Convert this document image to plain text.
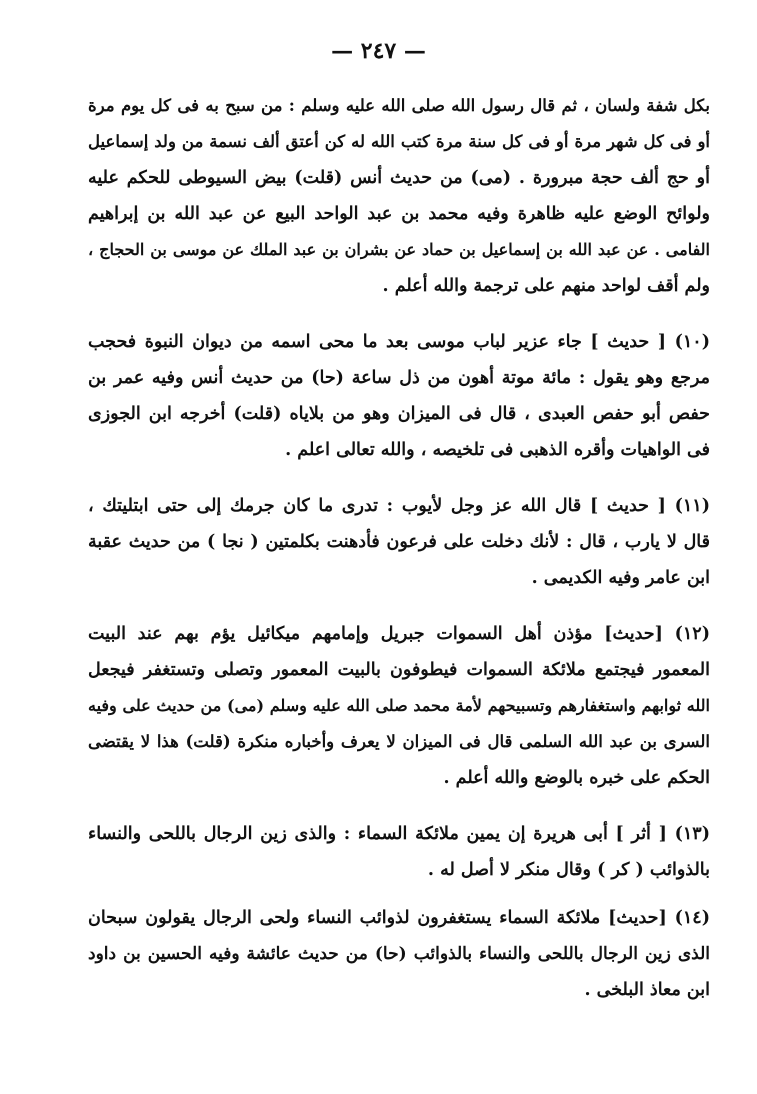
— ٢٤٧ —
بكل شفة ولسان ، ثم قال رسول الله صلى الله عليه وسلم : من سبح به فى كل يوم مرة
أو فى كل شهر مرة أو فى كل سنة مرة كتب الله له كن أعتق ألف نسمة من ولد إسماعيل
أو حج ألف حجة مبرورة . (مى) من حديث أنس (قلت) بيض السيوطى للحكم عليه
ولوائح الوضع عليه ظاهرة وفيه محمد بن عبد الواحد البيع عن عبد الله بن إبراهيم
الفامى . عن عبد الله بن إسماعيل بن حماد عن بشران بن عبد الملك عن موسى بن الحجاج ،
ولم أقف لواحد منهم على ترجمة والله أعلم .
(١٠) [ حديث ] جاء عزير لباب موسى بعد ما محى اسمه من ديوان النبوة فحجب
مرجع وهو يقول : مائة موتة أهون من ذل ساعة (حا) من حديث أنس وفيه عمر بن
حفص أبو حفص العبدى ، قال فى الميزان وهو من بلاياه (قلت) أخرجه ابن الجوزى
فى الواهيات وأقره الذهبى فى تلخيصه ، والله تعالى اعلم .
(١١) [ حديث ] قال الله عز وجل لأيوب : تدرى ما كان جرمك إلى حتى ابتليتك ،
قال لا يارب ، قال : لأنك دخلت على فرعون فأدهنت بكلمتين ( نجا ) من حديث عقبة
ابن عامر وفيه الكديمى .
(١٢) [حديث] مؤذن أهل السموات جبريل وإمامهم ميكائيل يؤم بهم عند البيت
المعمور فيجتمع ملائكة السموات فيطوفون بالبيت المعمور وتصلى وتستغفر فيجعل
الله ثوابهم واستغفارهم وتسبيحهم لأمة محمد صلى الله عليه وسلم (مى) من حديث على وفيه
السرى بن عبد الله السلمى قال فى الميزان لا يعرف وأخباره منكرة (قلت) هذا لا يقتضى
الحكم على خبره بالوضع والله أعلم .
(١٣) [ أثر ] أبى هريرة إن يمين ملائكة السماء : والذى زين الرجال باللحى والنساء
بالذوائب ( كر ) وقال منكر لا أصل له .
(١٤) [حديث] ملائكة السماء يستغفرون لذوائب النساء ولحى الرجال يقولون سبحان
الذى زين الرجال باللحى والنساء بالذوائب (حا) من حديث عائشة وفيه الحسين بن داود
ابن معاذ البلخى .
